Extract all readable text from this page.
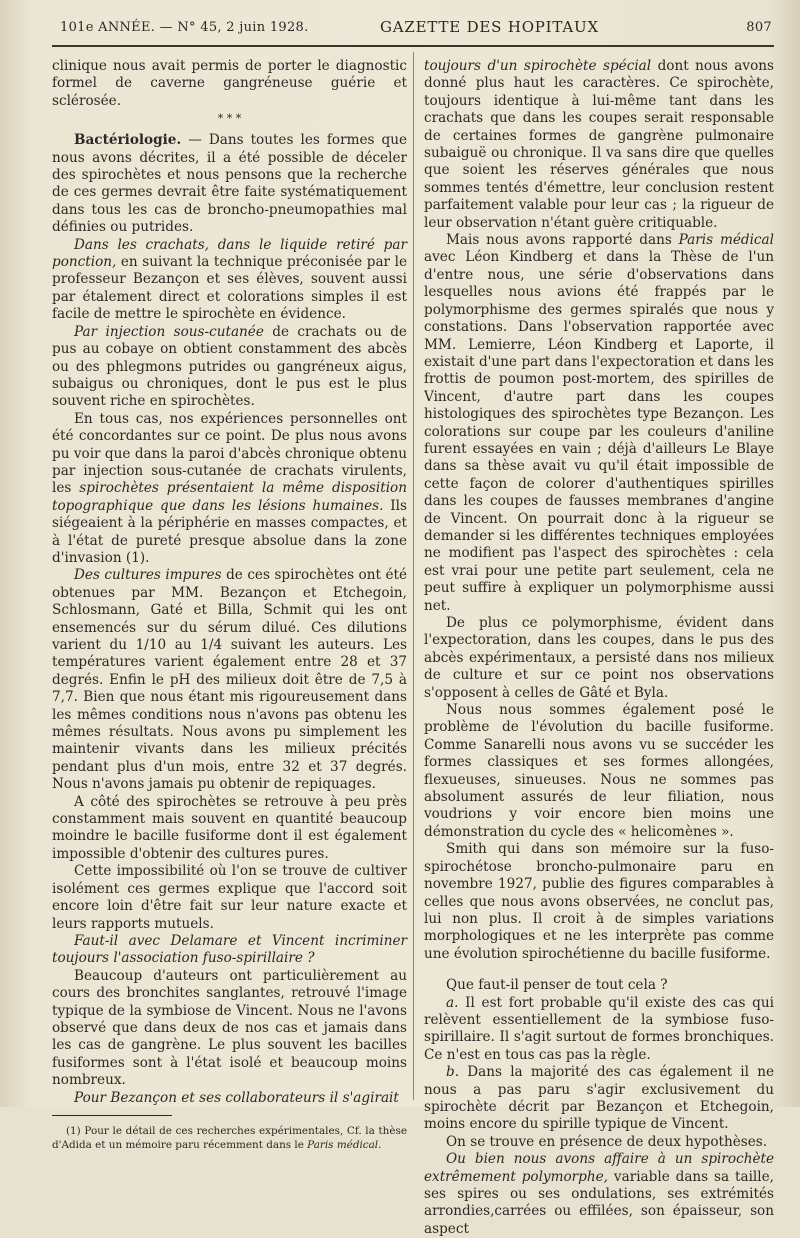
101e ANNÉE. — N° 45, 2 juin 1928.	GAZETTE DES HOPITAUX	807

clinique nous avait permis de porter le diagnostic formel de caverne gangréneuse guérie et sclérosée.

* * *

Bactériologie. — Dans toutes les formes que nous avons décrites, il a été possible de déceler des spirochètes et nous pensons que la recherche de ces germes devrait être faite systématiquement dans tous les cas de broncho-pneumopathies mal définies ou putrides.

Dans les crachats, dans le liquide retiré par ponction, en suivant la technique préconisée par le professeur Bezançon et ses élèves, souvent aussi par étalement direct et colorations simples il est facile de mettre le spirochète en évidence.

Par injection sous-cutanée de crachats ou de pus au cobaye on obtient constamment des abcès ou des phlegmons putrides ou gangréneux aigus, subaigus ou chroniques, dont le pus est le plus souvent riche en spirochètes.

En tous cas, nos expériences personnelles ont été concordantes sur ce point. De plus nous avons pu voir que dans la paroi d'abcès chronique obtenu par injection sous-cutanée de crachats virulents, les spirochètes présentaient la même disposition topographique que dans les lésions humaines. Ils siégeaient à la périphérie en masses compactes, et à l'état de pureté presque absolue dans la zone d'invasion (1).

Des cultures impures de ces spirochètes ont été obtenues par MM. Bezançon et Etchegoin, Schlosmann, Gaté et Billa, Schmit qui les ont ensemencés sur du sérum dilué. Ces dilutions varient du 1/10 au 1/4 suivant les auteurs. Les températures varient également entre 28 et 37 degrés. Enfin le pH des milieux doit être de 7,5 à 7,7. Bien que nous étant mis rigoureusement dans les mêmes conditions nous n'avons pas obtenu les mêmes résultats. Nous avons pu simplement les maintenir vivants dans les milieux précités pendant plus d'un mois, entre 32 et 37 degrés. Nous n'avons jamais pu obtenir de repiquages.

A côté des spirochètes se retrouve à peu près constamment mais souvent en quantité beaucoup moindre le bacille fusiforme dont il est également impossible d'obtenir des cultures pures.

Cette impossibilité où l'on se trouve de cultiver isolément ces germes explique que l'accord soit encore loin d'être fait sur leur nature exacte et leurs rapports mutuels.

Faut-il avec Delamare et Vincent incriminer toujours l'association fuso-spirillaire ?

Beaucoup d'auteurs ont particulièrement au cours des bronchites sanglantes, retrouvé l'image typique de la symbiose de Vincent. Nous ne l'avons observé que dans deux de nos cas et jamais dans les cas de gangrène. Le plus souvent les bacilles fusiformes sont à l'état isolé et beaucoup moins nombreux.

Pour Bezançon et ses collaborateurs il s'agirait

(1) Pour le détail de ces recherches expérimentales, Cf. la thèse d'Adida et un mémoire paru récemment dans le Paris médical.

toujours d'un spirochète spécial dont nous avons donné plus haut les caractères. Ce spirochète, toujours identique à lui-même tant dans les crachats que dans les coupes serait responsable de certaines formes de gangrène pulmonaire subaiguë ou chronique. Il va sans dire que quelles que soient les réserves générales que nous sommes tentés d'émettre, leur conclusion restent parfaitement valable pour leur cas ; la rigueur de leur observation n'étant guère critiquable.

Mais nous avons rapporté dans Paris médical avec Léon Kindberg et dans la Thèse de l'un d'entre nous, une série d'observations dans lesquelles nous avions été frappés par le polymorphisme des germes spiralés que nous y constations. Dans l'observation rapportée avec MM. Lemierre, Léon Kindberg et Laporte, il existait d'une part dans l'expectoration et dans les frottis de poumon post-mortem, des spirilles de Vincent, d'autre part dans les coupes histologiques des spirochètes type Bezançon. Les colorations sur coupe par les couleurs d'aniline furent essayées en vain ; déjà d'ailleurs Le Blaye dans sa thèse avait vu qu'il était impossible de cette façon de colorer d'authentiques spirilles dans les coupes de fausses membranes d'angine de Vincent. On pourrait donc à la rigueur se demander si les différentes techniques employées ne modifient pas l'aspect des spirochètes : cela est vrai pour une petite part seulement, cela ne peut suffire à expliquer un polymorphisme aussi net.

De plus ce polymorphisme, évident dans l'expectoration, dans les coupes, dans le pus des abcès expérimentaux, a persisté dans nos milieux de culture et sur ce point nos observations s'opposent à celles de Gâté et Byla.

Nous nous sommes également posé le problème de l'évolution du bacille fusiforme. Comme Sanarelli nous avons vu se succéder les formes classiques et ses formes allongées, flexueuses, sinueuses. Nous ne sommes pas absolument assurés de leur filiation, nous voudrions y voir encore bien moins une démonstration du cycle des « helicomènes ».

Smith qui dans son mémoire sur la fuso-spirochétose broncho-pulmonaire paru en novembre 1927, publie des figures comparables à celles que nous avons observées, ne conclut pas, lui non plus. Il croit à de simples variations morphologiques et ne les interprète pas comme une évolution spirochétienne du bacille fusiforme.

Que faut-il penser de tout cela ?

a. Il est fort probable qu'il existe des cas qui relèvent essentiellement de la symbiose fuso-spirillaire. Il s'agit surtout de formes bronchiques. Ce n'est en tous cas pas la règle.

b. Dans la majorité des cas également il ne nous a pas paru s'agir exclusivement du spirochète décrit par Bezançon et Etchegoin, moins encore du spirille typique de Vincent.

On se trouve en présence de deux hypothèses.

Ou bien nous avons affaire à un spirochète extrêmement polymorphe, variable dans sa taille, ses spires ou ses ondulations, ses extrémités arrondies,carrées ou effilées, son épaisseur, son aspect
